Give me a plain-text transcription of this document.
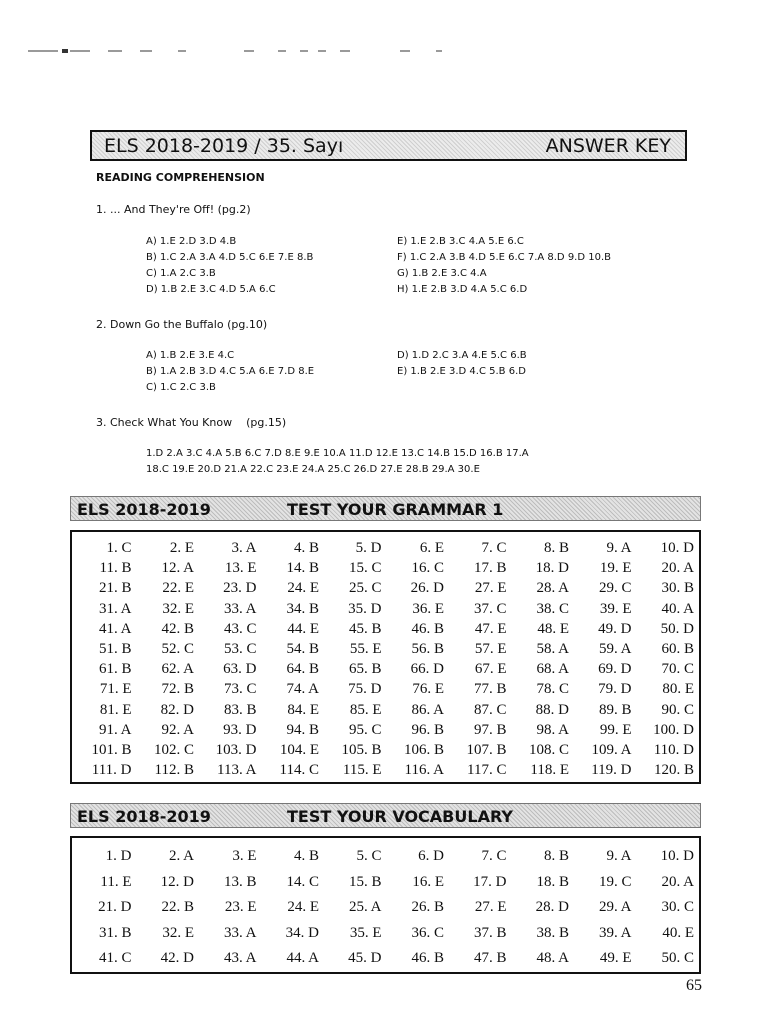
ELS 2018-2019 / 35. Sayı	ANSWER KEY
READING COMPREHENSION
1. ... And They're Off! (pg.2)
A) 1.E 2.D 3.D 4.B
B) 1.C 2.A 3.A 4.D 5.C 6.E 7.E 8.B
C) 1.A 2.C 3.B
D) 1.B 2.E 3.C 4.D 5.A 6.C
E) 1.E 2.B 3.C 4.A 5.E 6.C
F) 1.C 2.A 3.B 4.D 5.E 6.C 7.A 8.D 9.D 10.B
G) 1.B 2.E 3.C 4.A
H) 1.E 2.B 3.D 4.A 5.C 6.D
2. Down Go the Buffalo (pg.10)
A) 1.B 2.E 3.E 4.C
B) 1.A 2.B 3.D 4.C 5.A 6.E 7.D 8.E
C) 1.C 2.C 3.B
D) 1.D 2.C 3.A 4.E 5.C 6.B
E) 1.B 2.E 3.D 4.C 5.B 6.D
3. Check What You Know    (pg.15)
1.D 2.A 3.C 4.A 5.B 6.C 7.D 8.E 9.E 10.A 11.D 12.E 13.C 14.B 15.D 16.B 17.A
18.C 19.E 20.D 21.A 22.C 23.E 24.A 25.C 26.D 27.E 28.B 29.A 30.E
ELS 2018-2019	TEST YOUR GRAMMAR 1
1. C	2. E	3. A	4. B	5. D	6. E	7. C	8. B	9. A	10. D
11. B	12. A	13. E	14. B	15. C	16. C	17. B	18. D	19. E	20. A
21. B	22. E	23. D	24. E	25. C	26. D	27. E	28. A	29. C	30. B
31. A	32. E	33. A	34. B	35. D	36. E	37. C	38. C	39. E	40. A
41. A	42. B	43. C	44. E	45. B	46. B	47. E	48. E	49. D	50. D
51. B	52. C	53. C	54. B	55. E	56. B	57. E	58. A	59. A	60. B
61. B	62. A	63. D	64. B	65. B	66. D	67. E	68. A	69. D	70. C
71. E	72. B	73. C	74. A	75. D	76. E	77. B	78. C	79. D	80. E
81. E	82. D	83. B	84. E	85. E	86. A	87. C	88. D	89. B	90. C
91. A	92. A	93. D	94. B	95. C	96. B	97. B	98. A	99. E	100. D
101. B	102. C	103. D	104. E	105. B	106. B	107. B	108. C	109. A	110. D
111. D	112. B	113. A	114. C	115. E	116. A	117. C	118. E	119. D	120. B
ELS 2018-2019	TEST YOUR VOCABULARY
1. D	2. A	3. E	4. B	5. C	6. D	7. C	8. B	9. A	10. D
11. E	12. D	13. B	14. C	15. B	16. E	17. D	18. B	19. C	20. A
21. D	22. B	23. E	24. E	25. A	26. B	27. E	28. D	29. A	30. C
31. B	32. E	33. A	34. D	35. E	36. C	37. B	38. B	39. A	40. E
41. C	42. D	43. A	44. A	45. D	46. B	47. B	48. A	49. E	50. C
65
